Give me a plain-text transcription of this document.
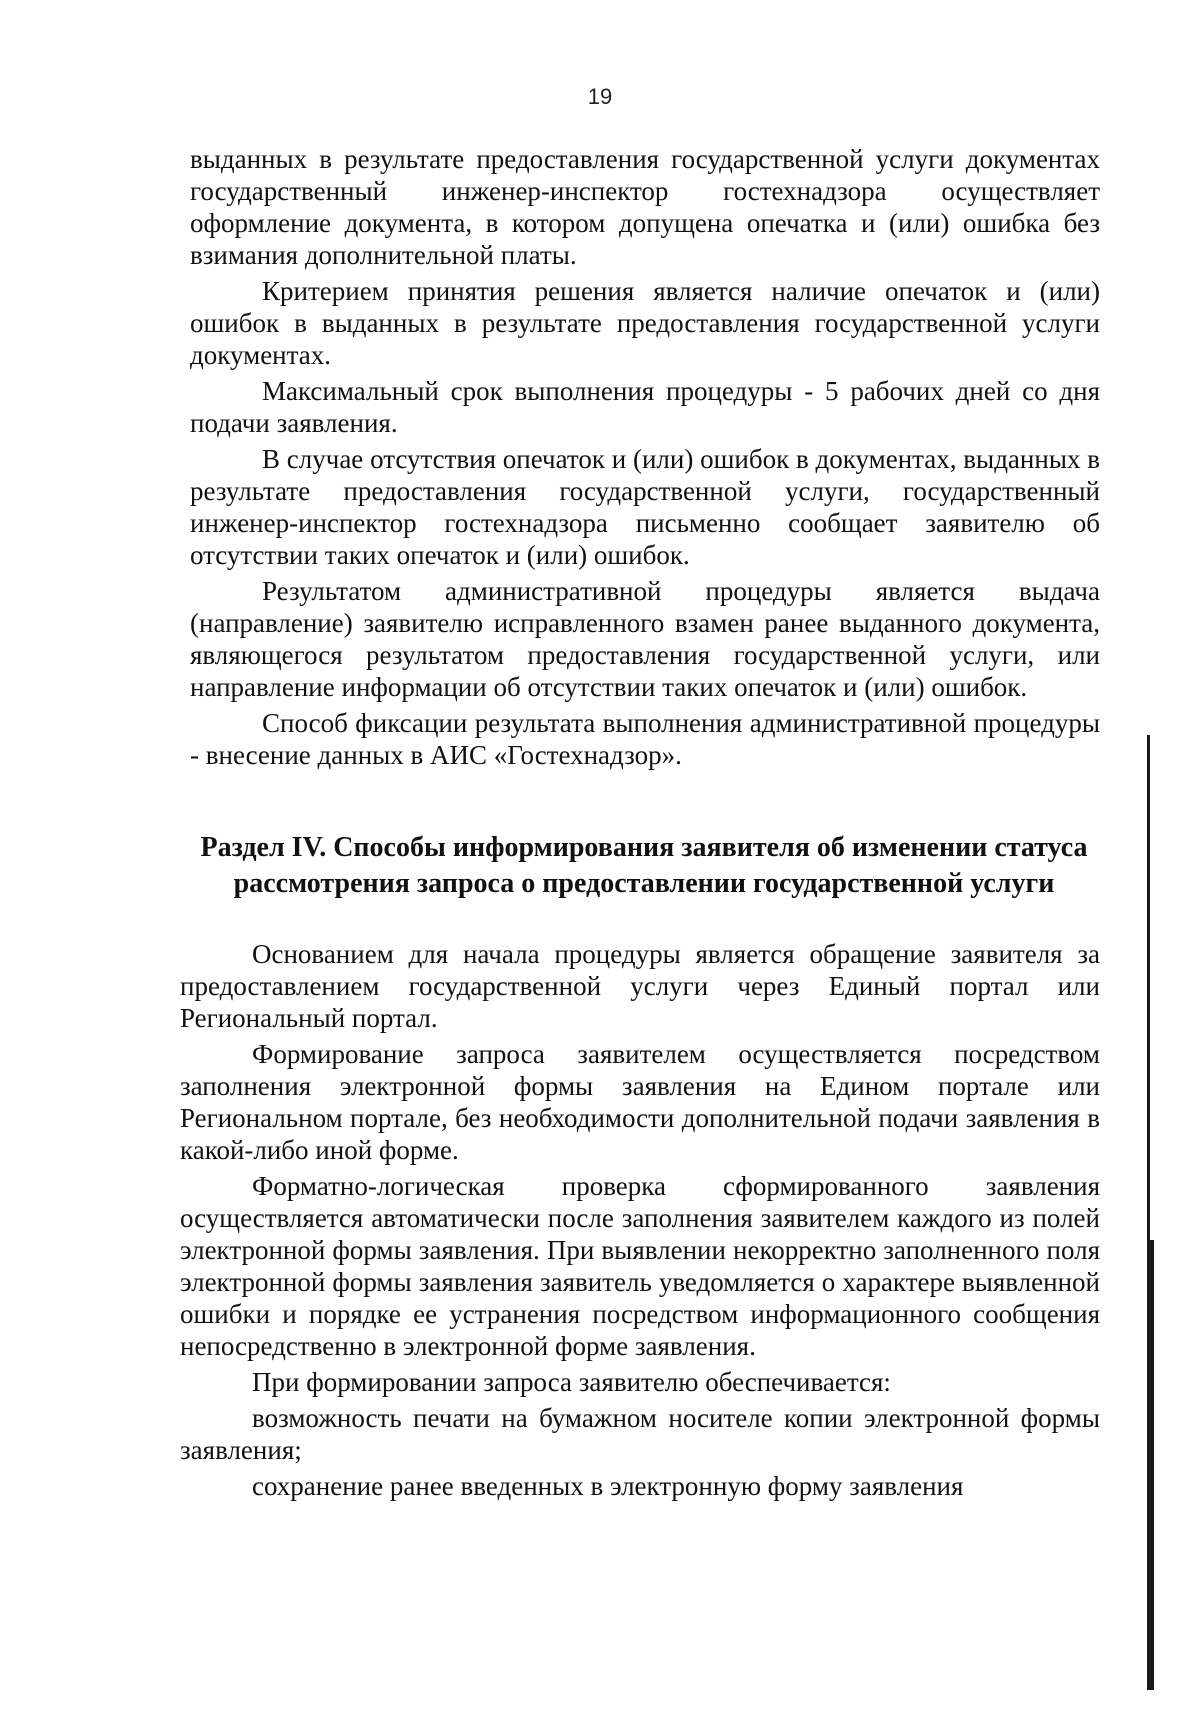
19

выданных в результате предоставления государственной услуги документах государственный инженер-инспектор гостехнадзора осуществляет оформление документа, в котором допущена опечатка и (или) ошибка без взимания дополнительной платы.

Критерием принятия решения является наличие опечаток и (или) ошибок в выданных в результате предоставления государственной услуги документах.

Максимальный срок выполнения процедуры - 5 рабочих дней со дня подачи заявления.

В случае отсутствия опечаток и (или) ошибок в документах, выданных в результате предоставления государственной услуги, государственный инженер-инспектор гостехнадзора письменно сообщает заявителю об отсутствии таких опечаток и (или) ошибок.

Результатом административной процедуры является выдача (направление) заявителю исправленного взамен ранее выданного документа, являющегося результатом предоставления государственной услуги, или направление информации об отсутствии таких опечаток и (или) ошибок.

Способ фиксации результата выполнения административной процедуры - внесение данных в АИС «Гостехнадзор».

Раздел IV. Способы информирования заявителя об изменении статуса рассмотрения запроса о предоставлении государственной услуги

Основанием для начала процедуры является обращение заявителя за предоставлением государственной услуги через Единый портал или Региональный портал.

Формирование запроса заявителем осуществляется посредством заполнения электронной формы заявления на Едином портале или Региональном портале, без необходимости дополнительной подачи заявления в какой-либо иной форме.

Форматно-логическая проверка сформированного заявления осуществляется автоматически после заполнения заявителем каждого из полей электронной формы заявления. При выявлении некорректно заполненного поля электронной формы заявления заявитель уведомляется о характере выявленной ошибки и порядке ее устранения посредством информационного сообщения непосредственно в электронной форме заявления.

При формировании запроса заявителю обеспечивается:

возможность печати на бумажном носителе копии электронной формы заявления;

сохранение ранее введенных в электронную форму заявления
